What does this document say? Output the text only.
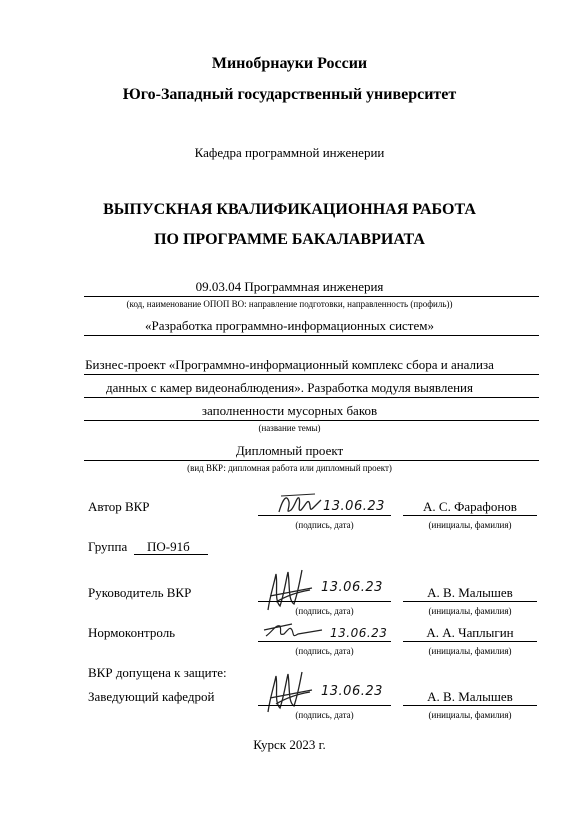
Минобрнауки России
Юго-Западный государственный университет
Кафедра программной инженерии
ВЫПУСКНАЯ КВАЛИФИКАЦИОННАЯ РАБОТА
ПО ПРОГРАММЕ БАКАЛАВРИАТА
09.03.04 Программная инженерия
(код, наименование ОПОП ВО: направление подготовки, направленность (профиль))
«Разработка программно-информационных систем»
Бизнес-проект «Программно-информационный комплекс сбора и анализа
данных с камер видеонаблюдения». Разработка модуля выявления
заполненности мусорных баков
(название темы)
Дипломный проект
(вид ВКР: дипломная работа или дипломный проект)
Автор ВКР	13.06.23	А. С. Фарафонов
(подпись, дата)	(инициалы, фамилия)
Группа ПО-91б
Руководитель ВКР	13.06.23	А. В. Малышев
(подпись, дата)	(инициалы, фамилия)
Нормоконтроль	13.06.23	А. А. Чаплыгин
(подпись, дата)	(инициалы, фамилия)
ВКР допущена к защите:
Заведующий кафедрой	13.06.23	А. В. Малышев
(подпись, дата)	(инициалы, фамилия)
Курск 2023 г.
